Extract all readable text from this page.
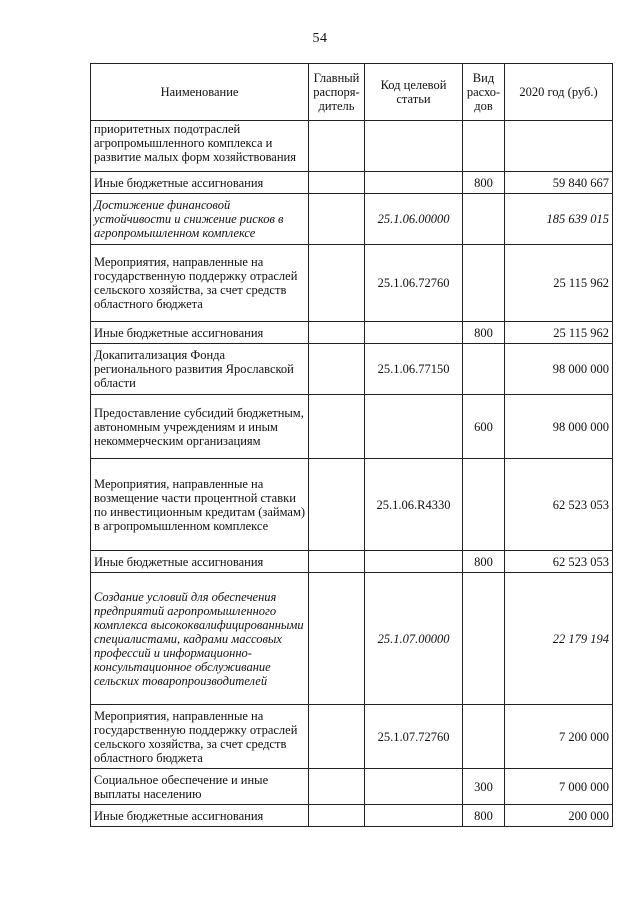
54
Наименование	Главный распоря-дитель	Код целевой статьи	Вид расхо-дов	2020 год (руб.)
приоритетных подотраслей агропромышленного комплекса и развитие малых форм хозяйствования				
Иные бюджетные ассигнования			800	59 840 667
Достижение финансовой устойчивости и снижение рисков в агропромышленном комплексе		25.1.06.00000		185 639 015
Мероприятия, направленные на государственную поддержку отраслей сельского хозяйства, за счет средств областного бюджета		25.1.06.72760		25 115 962
Иные бюджетные ассигнования			800	25 115 962
Докапитализация Фонда регионального развития Ярославской области		25.1.06.77150		98 000 000
Предоставление субсидий бюджетным, автономным учреждениям и иным некоммерческим организациям			600	98 000 000
Мероприятия, направленные на возмещение части процентной ставки по инвестиционным кредитам (займам) в агропромышленном комплексе		25.1.06.R4330		62 523 053
Иные бюджетные ассигнования			800	62 523 053
Создание условий для обеспечения предприятий агропромышленного комплекса высококвалифицированными специалистами, кадрами массовых профессий и информационно-консультационное обслуживание сельских товаропроизводителей		25.1.07.00000		22 179 194
Мероприятия, направленные на государственную поддержку отраслей сельского хозяйства, за счет средств областного бюджета		25.1.07.72760		7 200 000
Социальное обеспечение и иные выплаты населению			300	7 000 000
Иные бюджетные ассигнования			800	200 000
